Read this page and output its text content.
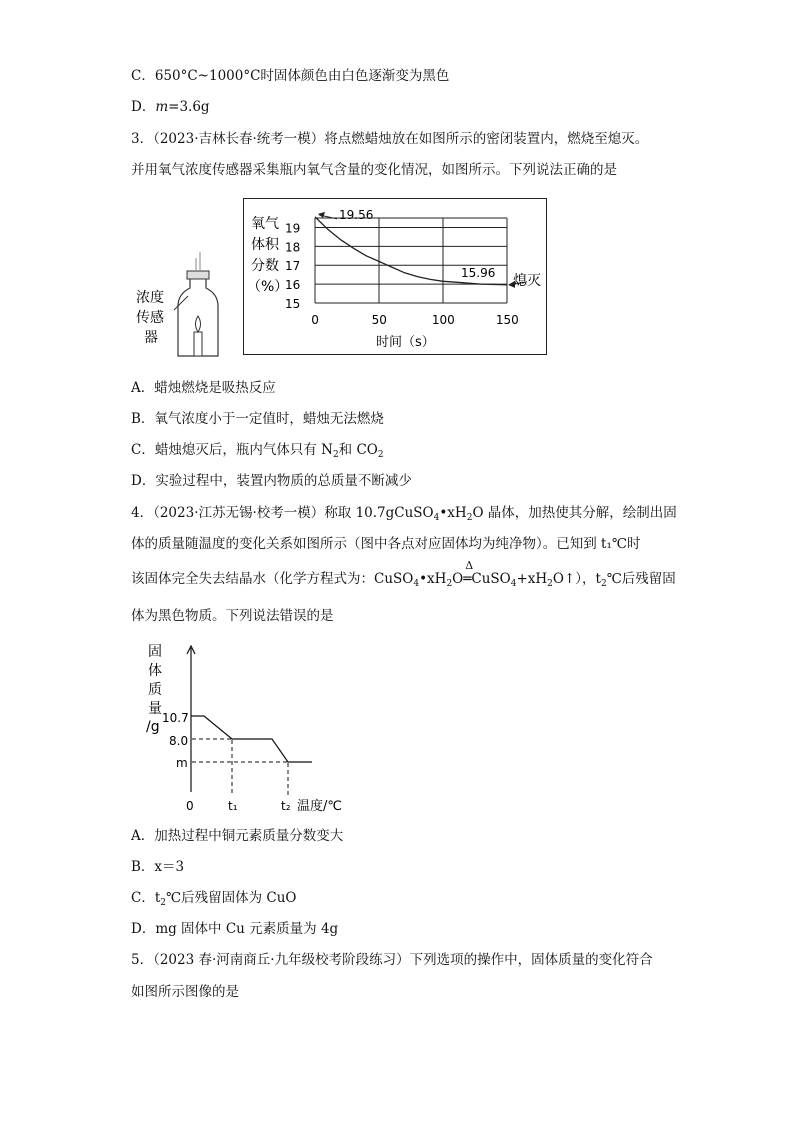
C．650°C~1000°C时固体颜色由白色逐渐变为黑色
D．m=3.6g
3．（2023·吉林长春·统考一模）将点燃蜡烛放在如图所示的密闭装置内，燃烧至熄灭。
并用氧气浓度传感器采集瓶内氧气含量的变化情况，如图所示。下列说法正确的是
浓度
传感
器
氧气
体积
分数
（%）
15
16
17
18
19
0	50	100	150
19.56
15.96 熄灭
时间（s）
A．蜡烛燃烧是吸热反应
B．氧气浓度小于一定值时，蜡烛无法燃烧
C．蜡烛熄灭后，瓶内气体只有 $N_2$和 $CO_2$
D．实验过程中，装置内物质的总质量不断减少
4．（2023·江苏无锡·校考一模）称取 $10.7gCuSO_4•xH_2O$ 晶体，加热使其分解，绘制出固
体的质量随温度的变化关系如图所示（图中各点对应固体均为纯净物）。已知到 t₁℃时
该固体完全失去结晶水（化学方程式为：$CuSO_4•xH_2O$
Δ
$═CuSO_4+xH_2O↑$），$t_2℃$后残留固
体为黑色物质。下列说法错误的是
固
体
质
量
/g
10.7
8.0
m
0	t₁	t₂ 温度/℃
A．加热过程中铜元素质量分数变大
B．x＝3
C．$t_2℃$后残留固体为 CuO
D．mg 固体中 Cu 元素质量为 4g
5．（2023 春·河南商丘·九年级校考阶段练习）下列选项的操作中，固体质量的变化符合
如图所示图像的是
